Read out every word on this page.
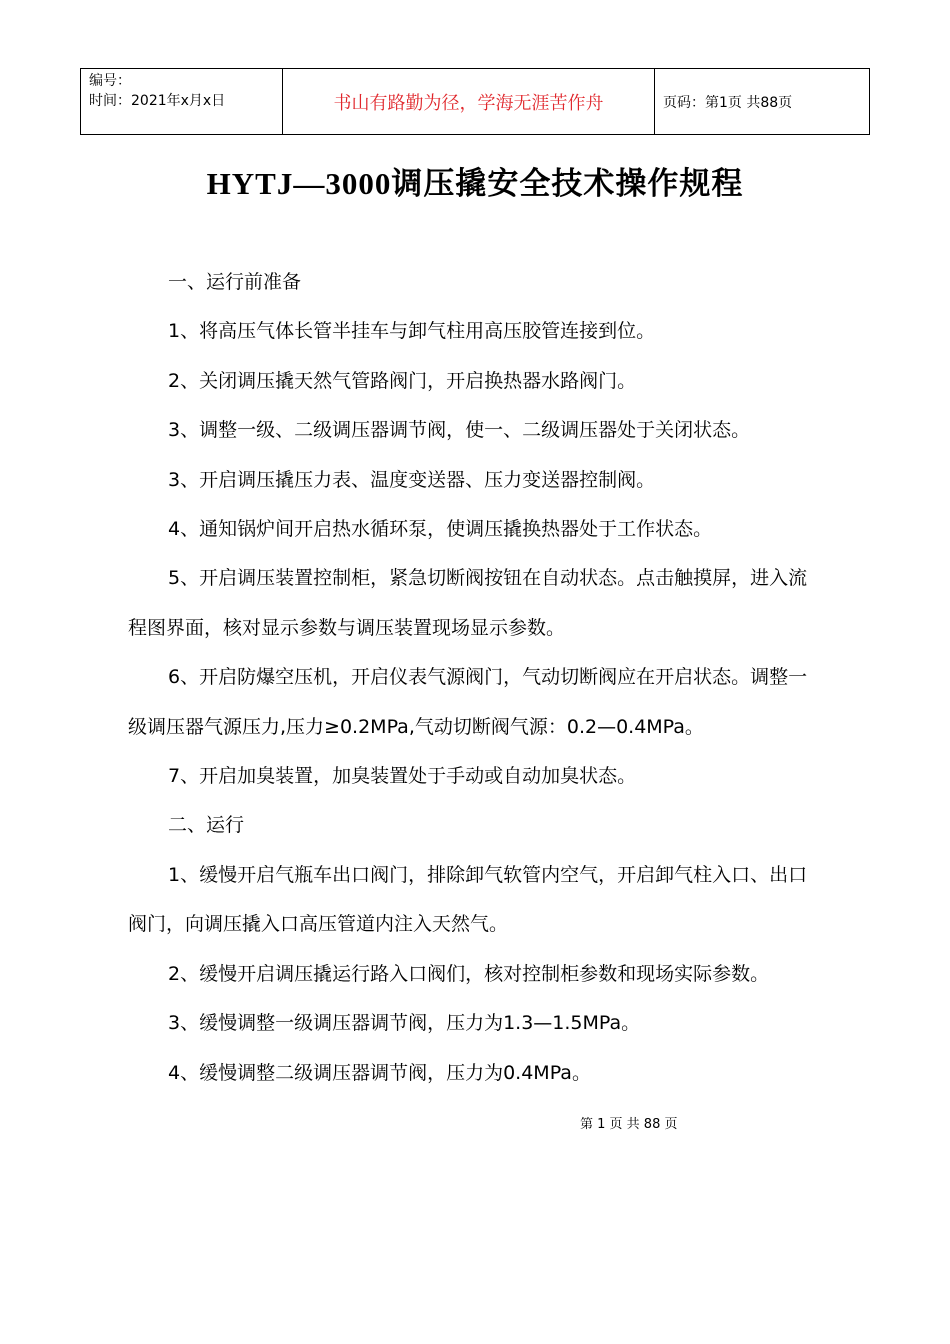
编号：
时间：2021年x月x日	书山有路勤为径，学海无涯苦作舟	页码：第1页 共88页
HYTJ—3000调压撬安全技术操作规程

一、运行前准备

1、将高压气体长管半挂车与卸气柱用高压胶管连接到位。

2、关闭调压撬天然气管路阀门，开启换热器水路阀门。

3、调整一级、二级调压器调节阀，使一、二级调压器处于关闭状态。

3、开启调压撬压力表、温度变送器、压力变送器控制阀。

4、通知锅炉间开启热水循环泵，使调压撬换热器处于工作状态。

5、开启调压装置控制柜，紧急切断阀按钮在自动状态。点击触摸屏，进入流程图界面，核对显示参数与调压装置现场显示参数。

6、开启防爆空压机，开启仪表气源阀门，气动切断阀应在开启状态。调整一级调压器气源压力,压力≥0.2MPa,气动切断阀气源：0.2—0.4MPa。

7、开启加臭装置，加臭装置处于手动或自动加臭状态。

二、运行

1、缓慢开启气瓶车出口阀门，排除卸气软管内空气，开启卸气柱入口、出口阀门，向调压撬入口高压管道内注入天然气。

2、缓慢开启调压撬运行路入口阀们，核对控制柜参数和现场实际参数。

3、缓慢调整一级调压器调节阀，压力为1.3—1.5MPa。

4、缓慢调整二级调压器调节阀，压力为0.4MPa。

第 1 页 共 88 页
